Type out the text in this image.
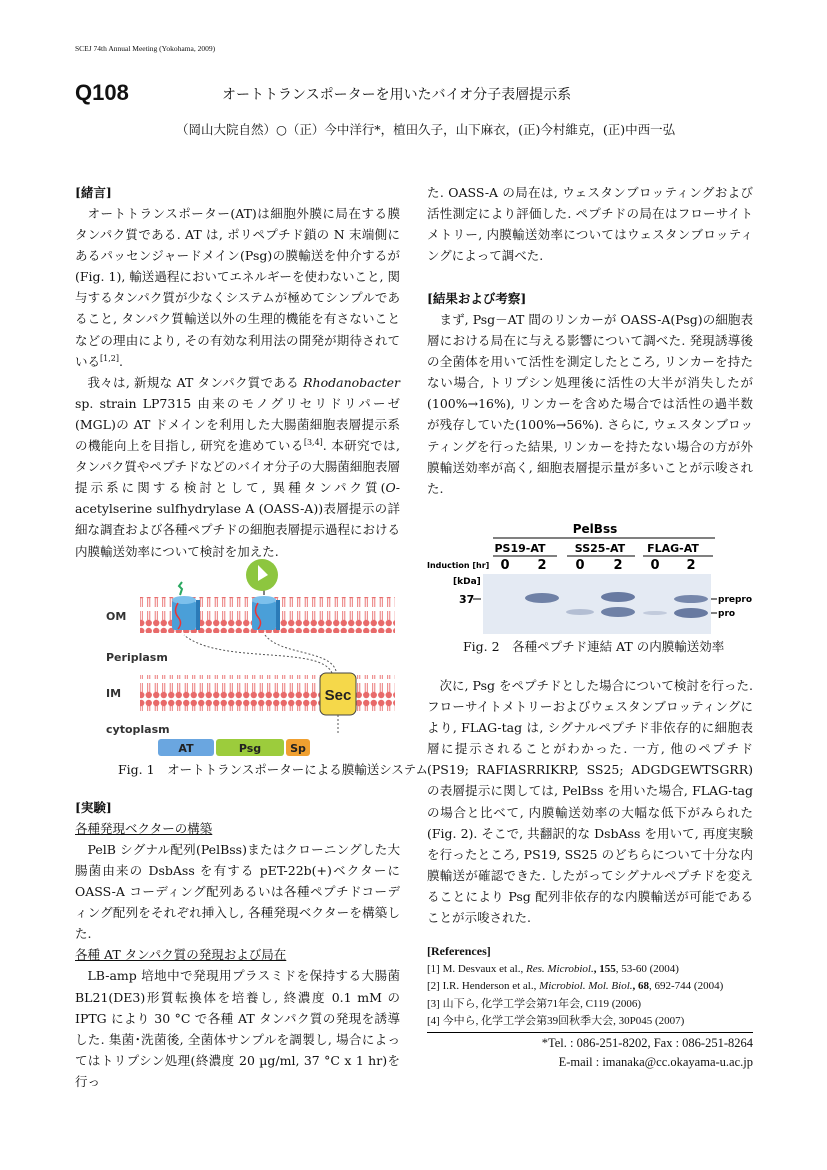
SCEJ 74th Annual Meeting (Yokohama, 2009)
Q108	オートトランスポーターを用いたバイオ分子表層提示系
（岡山大院自然）○（正）今中洋行*，植田久子，山下麻衣，(正)今村維克，(正)中西一弘
[緒言]

オートトランスポーター(AT)は細胞外膜に局在する膜タンパク質である. AT は, ポリペプチド鎖の N 末端側にあるパッセンジャードメイン(Psg)の膜輸送を仲介するが(Fig. 1), 輸送過程においてエネルギーを使わないこと, 関与するタンパク質が少なくシステムが極めてシンプルであること, タンパク質輸送以外の生理的機能を有さないことなどの理由により, その有効な利用法の開発が期待されている[1,2].

我々は, 新規な AT タンパク質である Rhodanobacter sp. strain LP7315 由来のモノグリセリドリパーゼ(MGL)の AT ドメインを利用した大腸菌細胞表層提示系の機能向上を目指し, 研究を進めている[3,4]. 本研究では, タンパク質やペプチドなどのバイオ分子の大腸菌細胞表層提示系に関する検討として, 異種タンパク質(O-acetylserine sulfhydrylase A (OASS-A))表層提示の詳細な調査および各種ペプチドの細胞表層提示過程における内膜輸送効率について検討を加えた.

Sec
OM
Periplasm
IM
cytoplasm
AT	Psg	Sp
Fig. 1　オートトランスポーターによる膜輸送システム
[実験]
各種発現ベクターの構築

PelB シグナル配列(PelBss)またはクローニングした大腸菌由来の DsbAss を有する pET-22b(+)ベクターに OASS-A コーディング配列あるいは各種ペプチドコーディング配列をそれぞれ挿入し, 各種発現ベクターを構築した.

各種 AT タンパク質の発現および局在

LB-amp 培地中で発現用プラスミドを保持する大腸菌 BL21(DE3)形質転換体を培養し, 終濃度 0.1 mM の IPTG により 30 °C で各種 AT タンパク質の発現を誘導した. 集菌･洗菌後, 全菌体サンプルを調製し, 場合によってはトリプシン処理(終濃度 20 µg/ml, 37 °C x 1 hr)を行っ

た. OASS-A の局在は, ウェスタンブロッティングおよび活性測定により評価した. ペプチドの局在はフローサイトメトリー, 内膜輸送効率についてはウェスタンブロッティングによって調べた.

[結果および考察]

まず, Psg－AT 間のリンカーが OASS-A(Psg)の細胞表層における局在に与える影響について調べた. 発現誘導後の全菌体を用いて活性を測定したところ, リンカーを持たない場合, トリプシン処理後に活性の大半が消失したが(100%→16%), リンカーを含めた場合では活性の過半数が残存していた(100%→56%). さらに, ウェスタンブロッティングを行った結果, リンカーを持たない場合の方が外膜輸送効率が高く, 細胞表層提示量が多いことが示唆された.

PelBss
PS19-AT	SS25-AT FLAG-AT
Induction [hr] 0 2 0 2 0 2
[kDa]
37	prepro
pro
Fig. 2　各種ペプチド連結 AT の内膜輸送効率

次に, Psg をペプチドとした場合について検討を行った. フローサイトメトリーおよびウェスタンブロッティングにより, FLAG-tag は, シグナルペプチド非依存的に細胞表層に提示されることがわかった. 一方, 他のペプチド(PS19; RAFIASRRIKRP, SS25; ADGDGEWTSGRR)の表層提示に関しては, PelBss を用いた場合, FLAG-tag の場合と比べて, 内膜輸送効率の大幅な低下がみられた(Fig. 2). そこで, 共翻訳的な DsbAss を用いて, 再度実験を行ったところ, PS19, SS25 のどちらについて十分な内膜輸送が確認できた. したがってシグナルペプチドを変えることにより Psg 配列非依存的な内膜輸送が可能であることが示唆された.

[References]
[1] M. Desvaux et al., Res. Microbiol., 155, 53-60 (2004)
[2] I.R. Henderson et al., Microbiol. Mol. Biol., 68, 692-744 (2004)
[3] 山下ら, 化学工学会第71年会, C119 (2006)
[4] 今中ら, 化学工学会第39回秋季大会, 30P045 (2007)
*Tel. : 086-251-8202, Fax : 086-251-8264
E-mail : imanaka@cc.okayama-u.ac.jp
